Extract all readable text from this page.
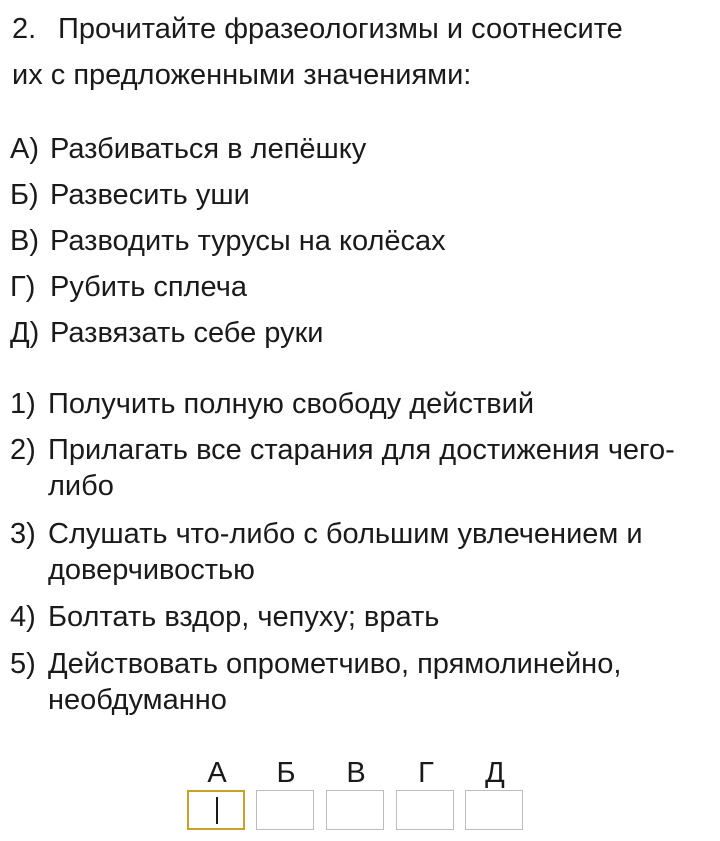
2. Прочитайте фразеологизмы и соотнесите
их с предложенными значениями:
А) Разбиваться в лепёшку
Б) Развесить уши
В) Разводить турусы на колёсах
Г) Рубить сплеча
Д) Развязать себе руки
1) Получить полную свободу действий
2) Прилагать все старания для достижения чего-либо
3) Слушать что-либо с большим увлечением и доверчивостью
4) Болтать вздор, чепуху; врать
5) Действовать опрометчиво, прямолинейно, необдуманно
А	Б	В	Г	Д
